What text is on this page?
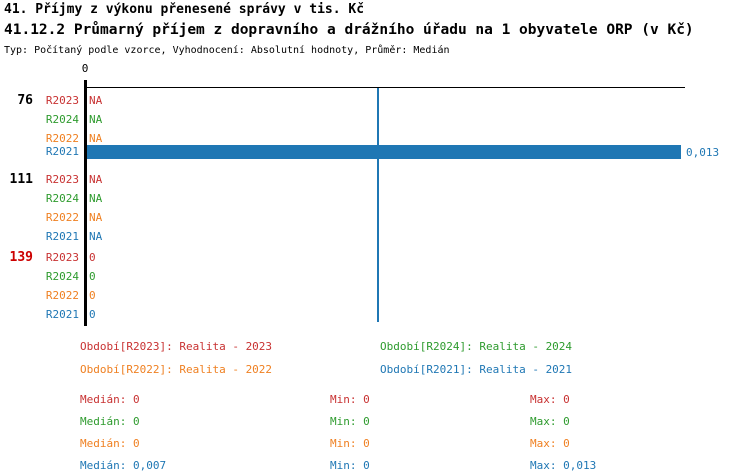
41. Příjmy z výkonu přenesené správy v tis. Kč
41.12.2 Průmarný příjem z dopravního a drážního úřadu na 1 obyvatele ORP (v Kč)
Typ: Počítaný podle vzorce, Vyhodnocení: Absolutní hodnoty, Průměr: Medián
0
76	R2023 NA
R2024 NA
R2022 NA
R2021	0,013
111	R2023 NA
R2024 NA
R2022 NA
R2021 NA
139	R2023 0
R2024 0
R2022 0
R2021 0
Období[R2023]: Realita - 2023	Období[R2024]: Realita - 2024
Období[R2022]: Realita - 2022	Období[R2021]: Realita - 2021
Medián: 0	Min: 0	Max: 0
Medián: 0	Min: 0	Max: 0
Medián: 0	Min: 0	Max: 0
Medián: 0,007	Min: 0	Max: 0,013
